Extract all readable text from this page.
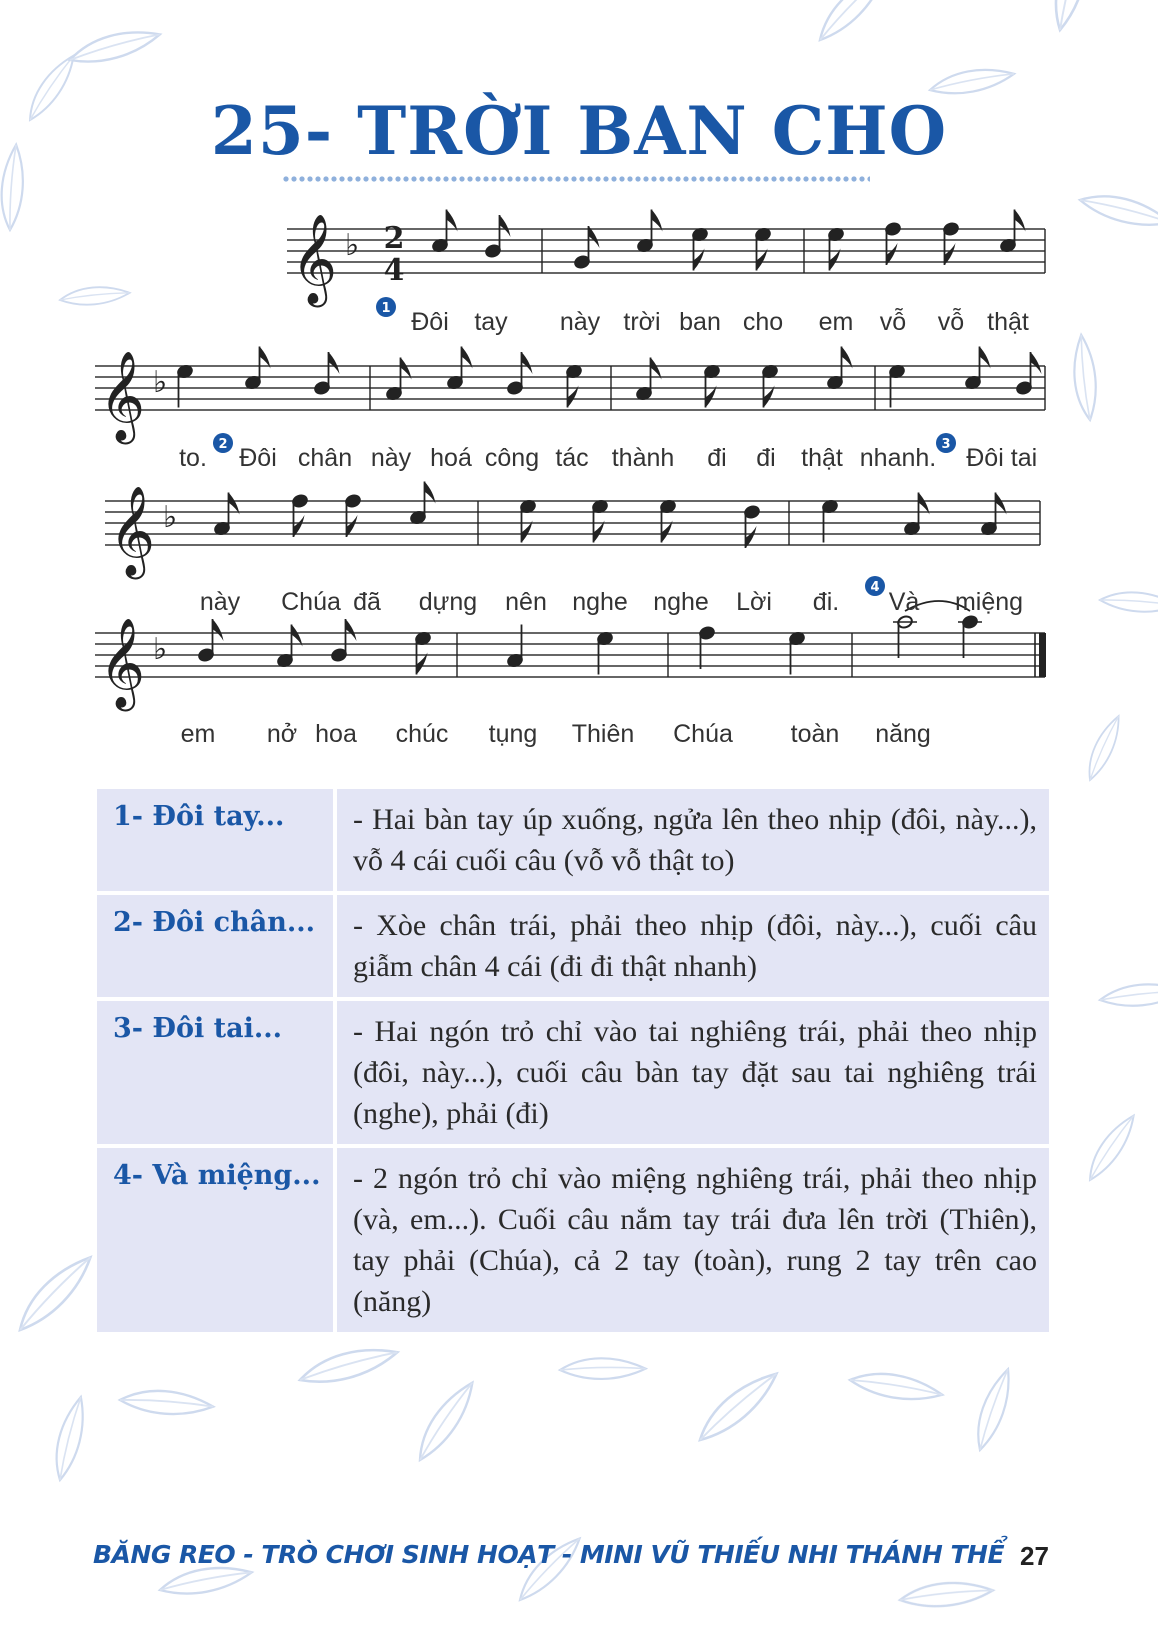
25- TRỜI BAN CHO
𝄞 ♭
𝄞 ♭
𝄞 ♭
𝄞 ♭
Đôi tay này trời ban cho em vỗ vỗ thật
to. Đôi chân này hoá công tác thành đi đi thật nhanh. Đôi tai
này Chúa đã dựng nên nghe nghe Lời đi. Và miệng
em nở hoa chúc tụng Thiên Chúa toàn năng
1
2	3
4
2
4
1- Đôi tay...	- Hai bàn tay úp xuống, ngửa lên theo nhịp (đôi, này...), vỗ 4 cái cuối câu (vỗ vỗ thật to)
2- Đôi chân...	- Xòe chân trái, phải theo nhịp (đôi, này...), cuối câu giẫm chân 4 cái (đi đi thật nhanh)
3- Đôi tai...	- Hai ngón trỏ chỉ vào tai nghiêng trái, phải theo nhịp (đôi, này...), cuối câu bàn tay đặt sau tai nghiêng trái (nghe), phải (đi)
4- Và miệng...	- 2 ngón trỏ chỉ vào miệng nghiêng trái, phải theo nhịp (và, em...). Cuối câu nắm tay trái đưa lên trời (Thiên), tay phải (Chúa), cả 2 tay (toàn), rung 2 tay trên cao (năng)
BĂNG REO - TRÒ CHƠI SINH HOẠT - MINI VŨ THIẾU NHI THÁNH THỂ 27
